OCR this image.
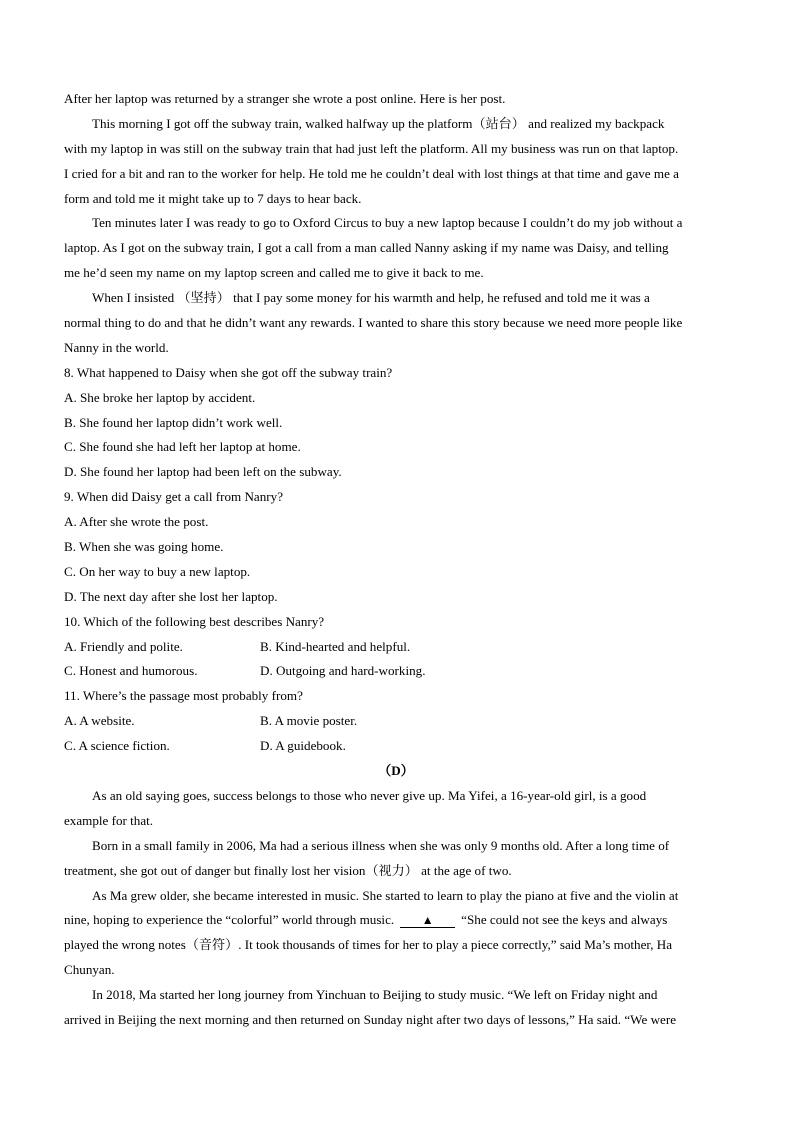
After her laptop was returned by a stranger she wrote a post online. Here is her post.
This morning I got off the subway train, walked halfway up the platform（站台） and realized my backpack
with my laptop in was still on the subway train that had just left the platform. All my business was run on that laptop.
I cried for a bit and ran to the worker for help. He told me he couldn’t deal with lost things at that time and gave me a
form and told me it might take up to 7 days to hear back.
Ten minutes later I was ready to go to Oxford Circus to buy a new laptop because I couldn’t do my job without a
laptop. As I got on the subway train, I got a call from a man called Nanny asking if my name was Daisy, and telling
me he’d seen my name on my laptop screen and called me to give it back to me.
When I insisted （坚持） that I pay some money for his warmth and help, he refused and told me it was a
normal thing to do and that he didn’t want any rewards. I wanted to share this story because we need more people like
Nanny in the world.
8. What happened to Daisy when she got off the subway train?
A. She broke her laptop by accident.
B. She found her laptop didn’t work well.
C. She found she had left her laptop at home.
D. She found her laptop had been left on the subway.
9. When did Daisy get a call from Nanry?
A. After she wrote the post.
B. When she was going home.
C. On her way to buy a new laptop.
D. The next day after she lost her laptop.
10. Which of the following best describes Nanry?
A. Friendly and polite.	B. Kind-hearted and helpful.
C. Honest and humorous.	D. Outgoing and hard-working.
11. Where’s the passage most probably from?
A. A website.	B. A movie poster.
C. A science fiction.	D. A guidebook.
（D）
As an old saying goes, success belongs to those who never give up. Ma Yifei, a 16-year-old girl, is a good
example for that.
Born in a small family in 2006, Ma had a serious illness when she was only 9 months old. After a long time of
treatment, she got out of danger but finally lost her vision（视力） at the age of two.
As Ma grew older, she became interested in music. She started to learn to play the piano at five and the violin at
nine, hoping to experience the “colorful” world through music. ▲ “She could not see the keys and always
played the wrong notes（音符）. It took thousands of times for her to play a piece correctly,” said Ma’s mother, Ha
Chunyan.
In 2018, Ma started her long journey from Yinchuan to Beijing to study music. “We left on Friday night and
arrived in Beijing the next morning and then returned on Sunday night after two days of lessons,” Ha said. “We were
